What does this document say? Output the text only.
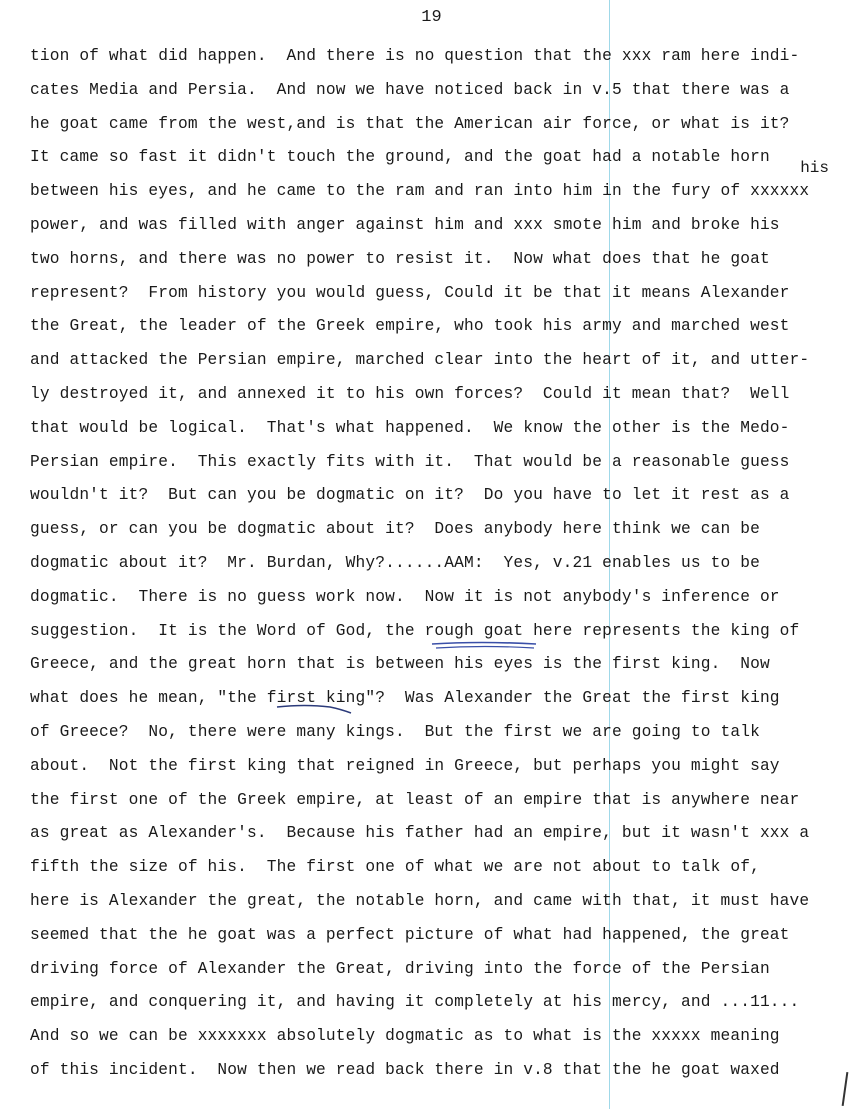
19
his
tion of what did happen.  And there is no question that the xxx ram here indi-
cates Media and Persia.  And now we have noticed back in v.5 that there was a
he goat came from the west,and is that the American air force, or what is it?
It came so fast it didn't touch the ground, and the goat had a notable horn
between his eyes, and he came to the ram and ran into him in the fury of xxxxxx
power, and was filled with anger against him and xxx smote him and broke his
two horns, and there was no power to resist it.  Now what does that he goat
represent?  From history you would guess, Could it be that it means Alexander
the Great, the leader of the Greek empire, who took his army and marched west
and attacked the Persian empire, marched clear into the heart of it, and utter-
ly destroyed it, and annexed it to his own forces?  Could it mean that?  Well
that would be logical.  That's what happened.  We know the other is the Medo-
Persian empire.  This exactly fits with it.  That would be a reasonable guess
wouldn't it?  But can you be dogmatic on it?  Do you have to let it rest as a
guess, or can you be dogmatic about it?  Does anybody here think we can be
dogmatic about it?  Mr. Burdan, Why?......AAM:  Yes, v.21 enables us to be
dogmatic.  There is no guess work now.  Now it is not anybody's inference or
suggestion.  It is the Word of God, the rough goat here represents the king of
Greece, and the great horn that is between his eyes is the first king.  Now
what does he mean, "the first king"?  Was Alexander the Great the first king
of Greece?  No, there were many kings.  But the first we are going to talk
about.  Not the first king that reigned in Greece, but perhaps you might say
the first one of the Greek empire, at least of an empire that is anywhere near
as great as Alexander's.  Because his father had an empire, but it wasn't xxx a
fifth the size of his.  The first one of what we are not about to talk of,
here is Alexander the great, the notable horn, and came with that, it must have
seemed that the he goat was a perfect picture of what had happened, the great
driving force of Alexander the Great, driving into the force of the Persian
empire, and conquering it, and having it completely at his mercy, and ...11...
And so we can be xxxxxxx absolutely dogmatic as to what is the xxxxx meaning
of this incident.  Now then we read back there in v.8 that the he goat waxed
